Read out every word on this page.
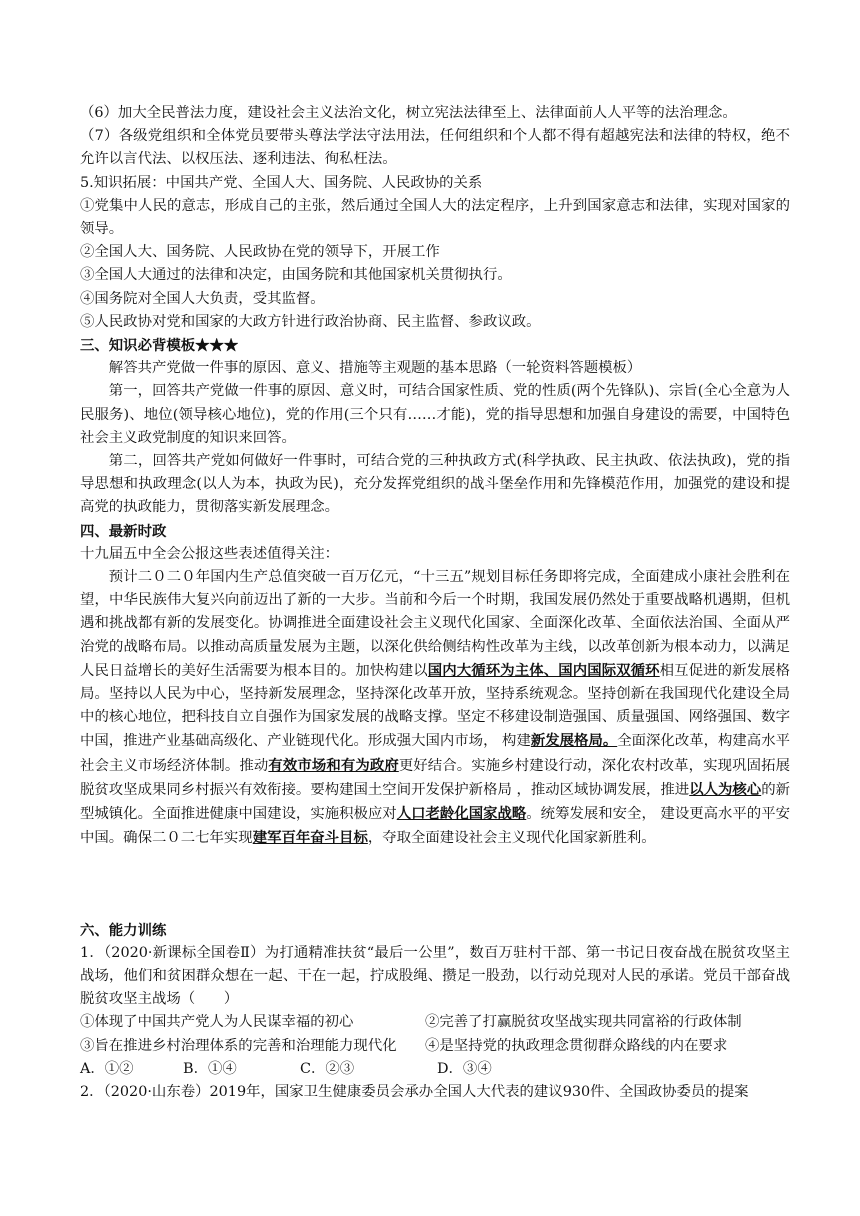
（6）加大全民普法力度，建设社会主义法治文化，树立宪法法律至上、法律面前人人平等的法治理念。

（7）各级党组织和全体党员要带头尊法学法守法用法，任何组织和个人都不得有超越宪法和法律的特权，绝不允许以言代法、以权压法、逐利违法、徇私枉法。

5.知识拓展：中国共产党、全国人大、国务院、人民政协的关系

①党集中人民的意志，形成自己的主张，然后通过全国人大的法定程序，上升到国家意志和法律，实现对国家的领导。

②全国人大、国务院、人民政协在党的领导下，开展工作

③全国人大通过的法律和决定，由国务院和其他国家机关贯彻执行。

④国务院对全国人大负责，受其监督。

⑤人民政协对党和国家的大政方针进行政治协商、民主监督、参政议政。

三、知识必背模板★★★

解答共产党做一件事的原因、意义、措施等主观题的基本思路（一轮资料答题模板）

第一，回答共产党做一件事的原因、意义时，可结合国家性质、党的性质(两个先锋队)、宗旨(全心全意为人民服务)、地位(领导核心地位)，党的作用(三个只有……才能)，党的指导思想和加强自身建设的需要，中国特色社会主义政党制度的知识来回答。

第二，回答共产党如何做好一件事时，可结合党的三种执政方式(科学执政、民主执政、依法执政)，党的指导思想和执政理念(以人为本，执政为民)，充分发挥党组织的战斗堡垒作用和先锋模范作用，加强党的建设和提高党的执政能力，贯彻落实新发展理念。

四、最新时政

十九届五中全会公报这些表述值得关注：

预计二０二０年国内生产总值突破一百万亿元，“十三五”规划目标任务即将完成，全面建成小康社会胜利在望，中华民族伟大复兴向前迈出了新的一大步。当前和今后一个时期，我国发展仍然处于重要战略机遇期，但机遇和挑战都有新的发展变化。协调推进全面建设社会主义现代化国家、全面深化改革、全面依法治国、全面从严治党的战略布局。以推动高质量发展为主题，以深化供给侧结构性改革为主线，以改革创新为根本动力，以满足人民日益增长的美好生活需要为根本目的。加快构建以国内大循环为主体、国内国际双循环相互促进的新发展格局。坚持以人民为中心，坚持新发展理念，坚持深化改革开放，坚持系统观念。坚持创新在我国现代化建设全局中的核心地位，把科技自立自强作为国家发展的战略支撑。坚定不移建设制造强国、质量强国、网络强国、数字中国，推进产业基础高级化、产业链现代化。形成强大国内市场， 构建新发展格局。全面深化改革，构建高水平社会主义市场经济体制。推动有效市场和有为政府更好结合。实施乡村建设行动，深化农村改革，实现巩固拓展脱贫攻坚成果同乡村振兴有效衔接。要构建国土空间开发保护新格局 ，推动区域协调发展，推进以人为核心的新型城镇化。全面推进健康中国建设，实施积极应对人口老龄化国家战略。统筹发展和安全， 建设更高水平的平安中国。确保二０二七年实现建军百年奋斗目标，夺取全面建设社会主义现代化国家新胜利。

六、能力训练

1．（2020·新课标全国卷Ⅱ）为打通精准扶贫“最后一公里”，数百万驻村干部、第一书记日夜奋战在脱贫攻坚主战场，他们和贫困群众想在一起、干在一起，拧成股绳、攒足一股劲，以行动兑现对人民的承诺。党员干部奋战脱贫攻坚主战场（　　）

①体现了中国共产党人为人民谋幸福的初心	②完善了打赢脱贫攻坚战实现共同富裕的行政体制
③旨在推进乡村治理体系的完善和治理能力现代化	④是坚持党的执政理念贯彻群众路线的内在要求
A．①②	B．①④	C．②③	D．③④

2．（2020·山东卷）2019年，国家卫生健康委员会承办全国人大代表的建议930件、全国政协委员的提案
